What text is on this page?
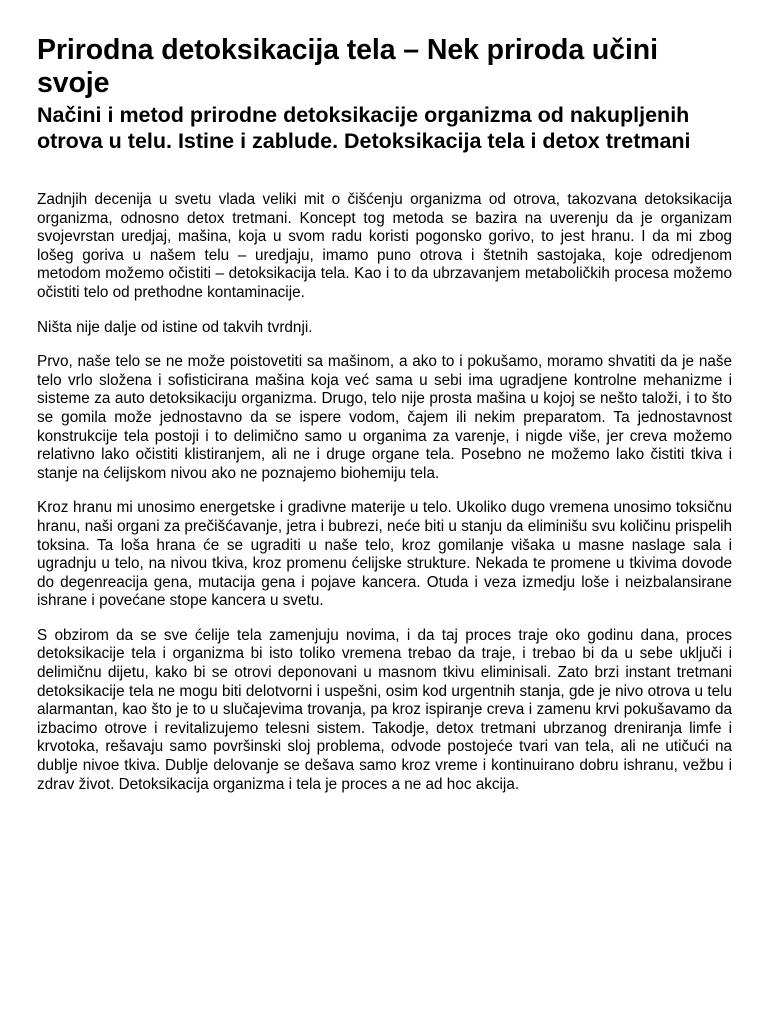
Prirodna detoksikacija tela – Nek priroda učini svoje
Načini i metod prirodne detoksikacije organizma od nakupljenih otrova u telu. Istine i zablude. Detoksikacija tela i detox tretmani

Zadnjih decenija u svetu vlada veliki mit o čišćenju organizma od otrova, takozvana detoksikacija organizma, odnosno detox tretmani. Koncept tog metoda se bazira na uverenju da je organizam svojevrstan uredjaj, mašina, koja u svom radu koristi pogonsko gorivo, to jest hranu. I da mi zbog lošeg goriva u našem telu – uredjaju, imamo puno otrova i štetnih sastojaka, koje odredjenom metodom možemo očistiti – detoksikacija tela. Kao i to da ubrzavanjem metaboličkih procesa možemo očistiti telo od prethodne kontaminacije.

Ništa nije dalje od istine od takvih tvrdnji.

Prvo, naše telo se ne može poistovetiti sa mašinom, a ako to i pokušamo, moramo shvatiti da je naše telo vrlo složena i sofisticirana mašina koja već sama u sebi ima ugradjene kontrolne mehanizme i sisteme za auto detoksikaciju organizma. Drugo, telo nije prosta mašina u kojoj se nešto taloži, i to što se gomila može jednostavno da se ispere vodom, čajem ili nekim preparatom. Ta jednostavnost konstrukcije tela postoji i to delimično samo u organima za varenje, i nigde više, jer creva možemo relativno lako očistiti klistiranjem, ali ne i druge organe tela. Posebno ne možemo lako čistiti tkiva i stanje na ćelijskom nivou ako ne poznajemo biohemiju tela.

Kroz hranu mi unosimo energetske i gradivne materije u telo. Ukoliko dugo vremena unosimo toksičnu hranu, naši organi za prečišćavanje, jetra i bubrezi, neće biti u stanju da eliminišu svu količinu prispelih toksina. Ta loša hrana će se ugraditi u naše telo, kroz gomilanje višaka u masne naslage sala i ugradnju u telo, na nivou tkiva, kroz promenu ćelijske strukture. Nekada te promene u tkivima dovode do degenreacija gena, mutacija gena i pojave kancera. Otuda i veza izmedju loše i neizbalansirane ishrane i povećane stope kancera u svetu.

S obzirom da se sve ćelije tela zamenjuju novima, i da taj proces traje oko godinu dana, proces detoksikacije tela i organizma bi isto toliko vremena trebao da traje, i trebao bi da u sebe uključi i delimičnu dijetu, kako bi se otrovi deponovani u masnom tkivu eliminisali. Zato brzi instant tretmani detoksikacije tela ne mogu biti delotvorni i uspešni, osim kod urgentnih stanja, gde je nivo otrova u telu alarmantan, kao što je to u slučajevima trovanja, pa kroz ispiranje creva i zamenu krvi pokušavamo da izbacimo otrove i revitalizujemo telesni sistem. Takodje, detox tretmani ubrzanog dreniranja limfe i krvotoka, rešavaju samo površinski sloj problema, odvode postojeće tvari van tela, ali ne utičući na dublje nivoe tkiva. Dublje delovanje se dešava samo kroz vreme i kontinuirano dobru ishranu, vežbu i zdrav život. Detoksikacija organizma i tela je proces a ne ad hoc akcija.
